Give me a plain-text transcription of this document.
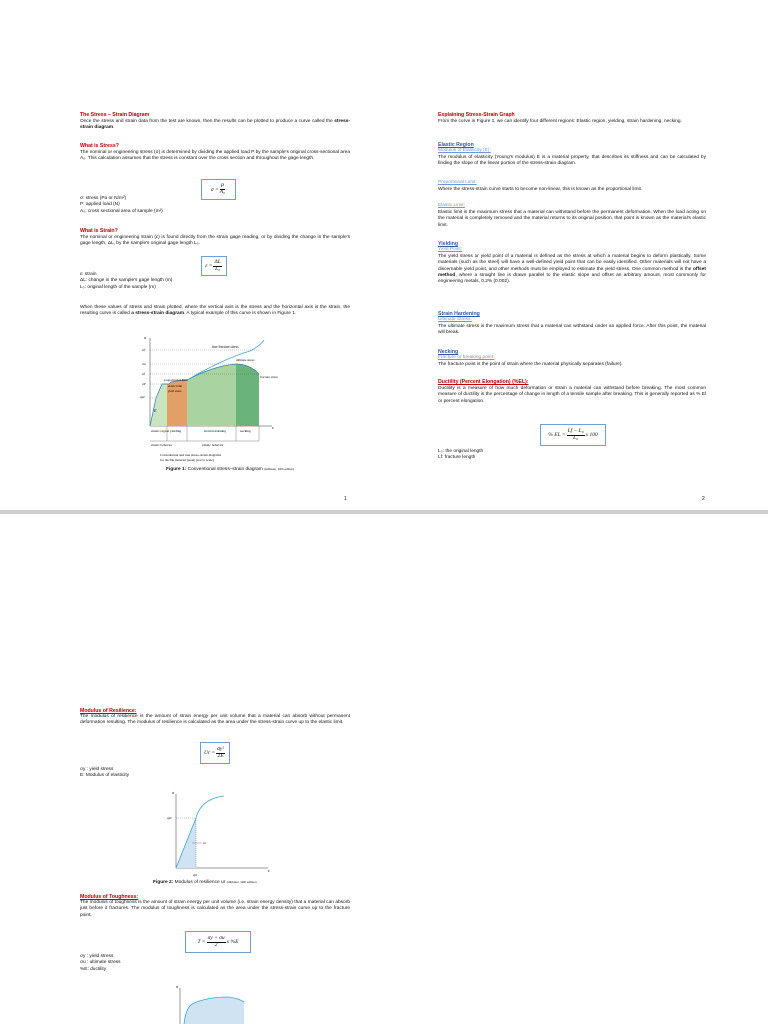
The Stress – Strain Diagram
Once the stress and strain data from the test are known, then the results can be plotted to produce a curve called the stress-strain diagram.
What is Stress?
The nominal or engineering stress (σ) is determined by dividing the applied load P by the sample's original cross-sectional area A₀. This calculation assumes that the stress is constant over the cross section and throughout the gage length.
$\sigma = \frac{P}{\text{A₀}}$
σ: stress (Pa or N/m²)
P: applied load (N)
A₀: cross sectional area of sample (m²)
What is Strain?
The nominal or engineering strain (ε) is found directly from the strain gage reading, or by dividing the change in the sample's gage length, ΔL, by the sample's original gage length L₀.
$\varepsilon = \frac{\Delta L}{\text{L₀}}$
ε: strain
ΔL: change in the sample's gage length (m)
L₀: original length of the sample (m)
When these values of stress and strain plotted, where the vertical axis is the stress and the horizontal axis is the strain, the resulting curve is called a stress-strain diagram. A typical example of this curve is shown in Figure 1.
σ
ε
σf′
σu
σf
σY
σpl
true fracture stress
ultimate stress
fracture stress
proportional limit
elastic limit
yield stress
E
elastic region yielding	strain hardening	necking
elastic behavior	plastic behavior
Conventional and true stress–strain diagrams
for ductile material (steel) (not to scale)
Figure 1: Conventional stress–strain diagram (Hibbeler, 10th edition)
1
Explaining Stress-Strain Graph
From the curve in Figure 1, we can identify four different regions: Elastic region, yielding, strain hardening, necking.
Elastic Region
Modulus of Elasticity (E):
The modulus of elasticity (Young's modulus) E is a material property, that describes its stiffness and can be calculated by finding the slope of the linear portion of the stress-strain diagram.
Proportional Limit:
Where the stress-strain curve starts to become non-linear, this is known as the proportional limit.
Elastic Limit:
Elastic limit is the maximum stress that a material can withstand before the permanent deformation. When the load acting on the material is completely removed and the material returns to its original position, that point is known as the material's elastic limit.
Yielding
Yield Point:
The yield stress or yield point of a material is defined as the stress at which a material begins to deform plastically. Some materials (such as the steel) will have a well-defined yield point that can be easily identified. Other materials will not have a discernable yield point, and other methods must be employed to estimate the yield stress. One common method is the offset method, where a straight line is drawn parallel to the elastic slope and offset an arbitrary amount, most commonly for engineering metals, 0.2% (0.002).
Strain Hardening
Ultimate Stress:
The ultimate stress is the maximum stress that a material can withstand under an applied force. After this point, the material will break.
Necking
Fracture or breaking point:
The fracture point is the point of strain where the material physically separates (failure).
Ductility (Percent Elongation) (%EL):
Ductility is a measure of how much deformation or strain a material can withstand before breaking. The most common measure of ductility is the percentage of change in length of a tensile sample after breaking. This is generally reported as % El or percent elongation.
% EL = $\frac{\text{Lf − L₀}}{\text{L₀}}$ x 100
L₀: the original length
Lf: fracture length
2
Modulus of Resilience:
The modulus of resilience is the amount of strain energy per unit volume that a material can absorb without permanent deformation resulting. The modulus of resilience is calculated as the area under the stress-strain curve up to the elastic limit.
$Ur = \frac{\text{σy²}}{2E}$
σy : yield stress
E: Modulus of elasticity
σ
σpl
ur
ε
εpl
Figure 2: Modulus of resilience ur (Hibbeler, 10th edition)
Modulus of Toughness:
The modulus of toughness is the amount of strain energy per unit volume (i.e. strain energy density) that a material can absorb just before it fractures. The modulus of toughness is calculated as the area under the stress-strain curve up to the fracture point.
$T = \frac{\sigma y + \sigma u}{2}$ x %E
σy : yield stress
σu : ultimate stress
%E: ductility
σ
